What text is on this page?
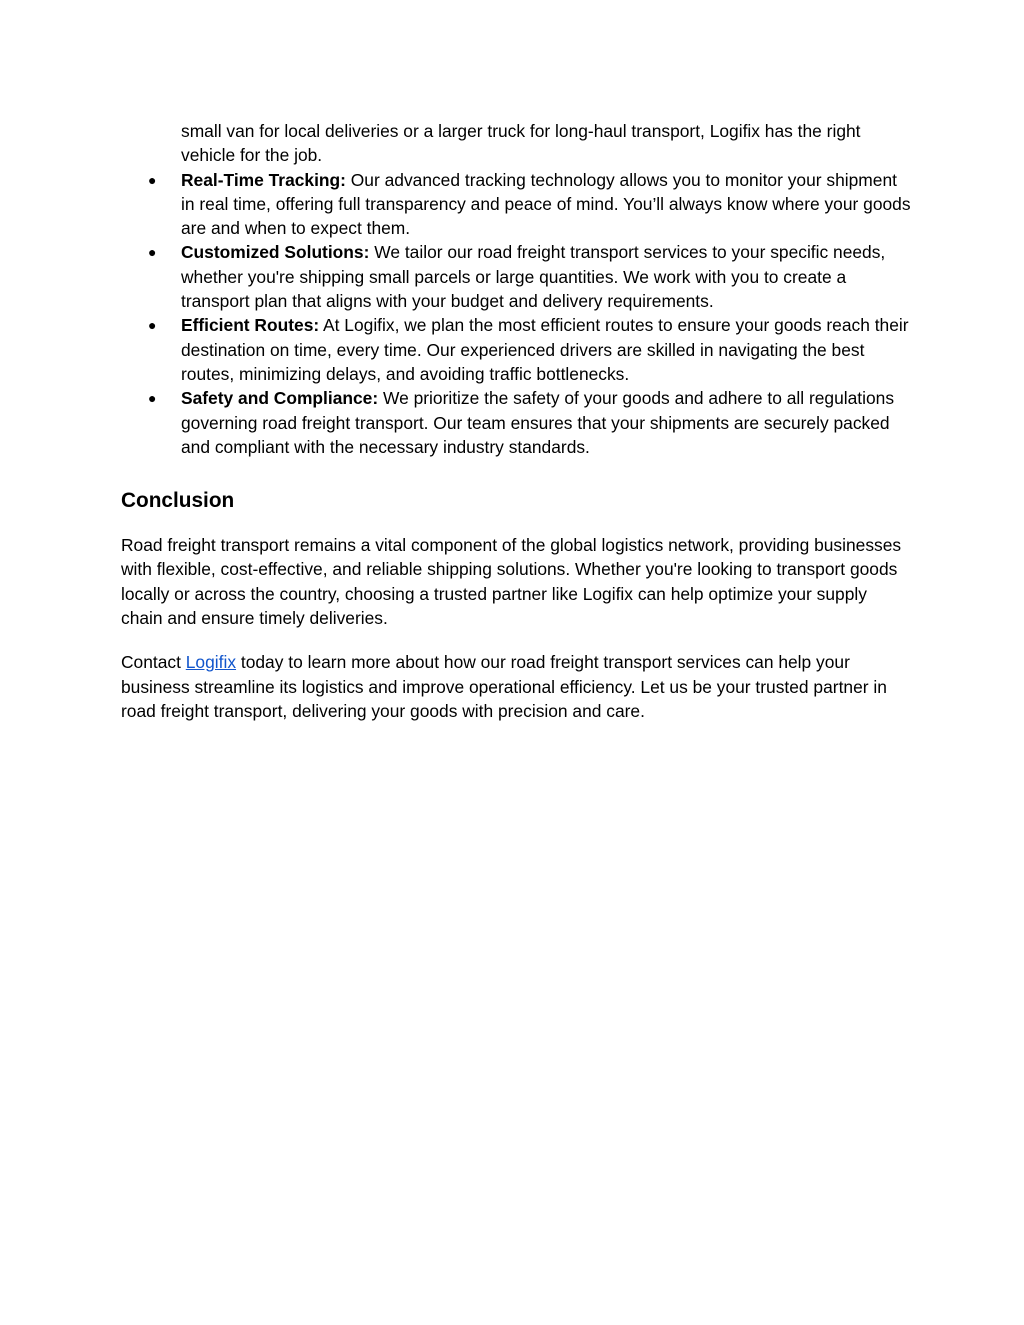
small van for local deliveries or a larger truck for long-haul transport, Logifix has the right vehicle for the job.
● Real-Time Tracking: Our advanced tracking technology allows you to monitor your shipment in real time, offering full transparency and peace of mind. You’ll always know where your goods are and when to expect them.
● Customized Solutions: We tailor our road freight transport services to your specific needs, whether you're shipping small parcels or large quantities. We work with you to create a transport plan that aligns with your budget and delivery requirements.
● Efficient Routes: At Logifix, we plan the most efficient routes to ensure your goods reach their destination on time, every time. Our experienced drivers are skilled in navigating the best routes, minimizing delays, and avoiding traffic bottlenecks.
● Safety and Compliance: We prioritize the safety of your goods and adhere to all regulations governing road freight transport. Our team ensures that your shipments are securely packed and compliant with the necessary industry standards.
Conclusion

Road freight transport remains a vital component of the global logistics network, providing businesses with flexible, cost-effective, and reliable shipping solutions. Whether you're looking to transport goods locally or across the country, choosing a trusted partner like Logifix can help optimize your supply chain and ensure timely deliveries.

Contact Logifix today to learn more about how our road freight transport services can help your business streamline its logistics and improve operational efficiency. Let us be your trusted partner in road freight transport, delivering your goods with precision and care.
